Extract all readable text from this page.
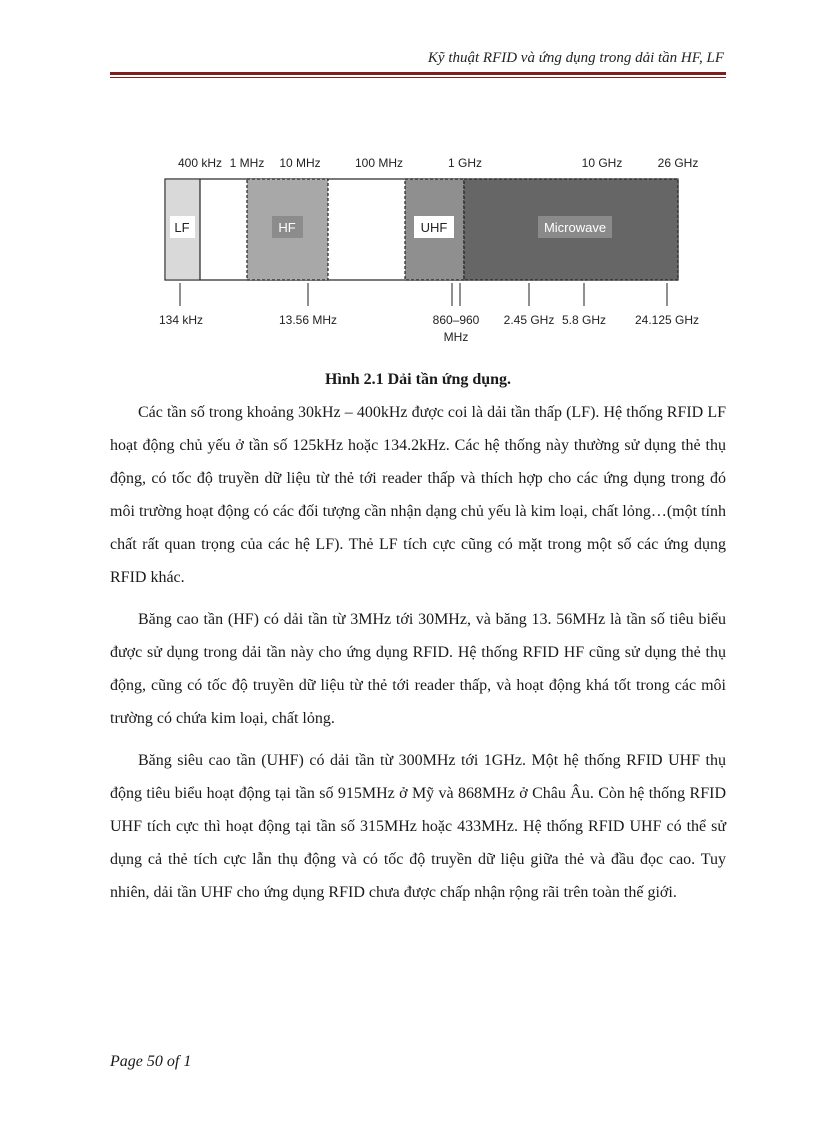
Kỹ thuật RFID và ứng dụng trong dải tần HF, LF
400 kHz 1 MHz 10 MHz	100 MHz	1 GHz	10 GHz	26 GHz
LF	HF	UHF	Microwave
134 kHz	13.56 MHz	860–960
MHz
2.45 GHz 5.8 GHz 24.125 GHz
Hình 2.1 Dải tần ứng dụng.

Các tần số trong khoảng 30kHz – 400kHz được coi là dải tần thấp (LF). Hệ thống RFID LF hoạt động chủ yếu ở tần số 125kHz hoặc 134.2kHz. Các hệ thống này thường sử dụng thẻ thụ động, có tốc độ truyền dữ liệu từ thẻ tới reader thấp và thích hợp cho các ứng dụng trong đó môi trường hoạt động có các đối tượng cần nhận dạng chủ yếu là kim loại, chất lỏng…(một tính chất rất quan trọng của các hệ LF). Thẻ LF tích cực cũng có mặt trong một số các ứng dụng RFID khác.

Băng cao tần (HF) có dải tần từ 3MHz tới 30MHz, và băng 13. 56MHz là tần số tiêu biểu được sử dụng trong dải tần này cho ứng dụng RFID. Hệ thống RFID HF cũng sử dụng thẻ thụ động, cũng có tốc độ truyền dữ liệu từ thẻ tới reader thấp, và hoạt động khá tốt trong các môi trường có chứa kim loại, chất lỏng.

Băng siêu cao tần (UHF) có dải tần từ 300MHz tới 1GHz. Một hệ thống RFID UHF thụ động tiêu biểu hoạt động tại tần số 915MHz ở Mỹ và 868MHz ở Châu Âu. Còn hệ thống RFID UHF tích cực thì hoạt động tại tần số 315MHz hoặc 433MHz. Hệ thống RFID UHF có thể sử dụng cả thẻ tích cực lẫn thụ động và có tốc độ truyền dữ liệu giữa thẻ và đầu đọc cao. Tuy nhiên, dải tần UHF cho ứng dụng RFID chưa được chấp nhận rộng rãi trên toàn thế giới.

Page 50 of 1
